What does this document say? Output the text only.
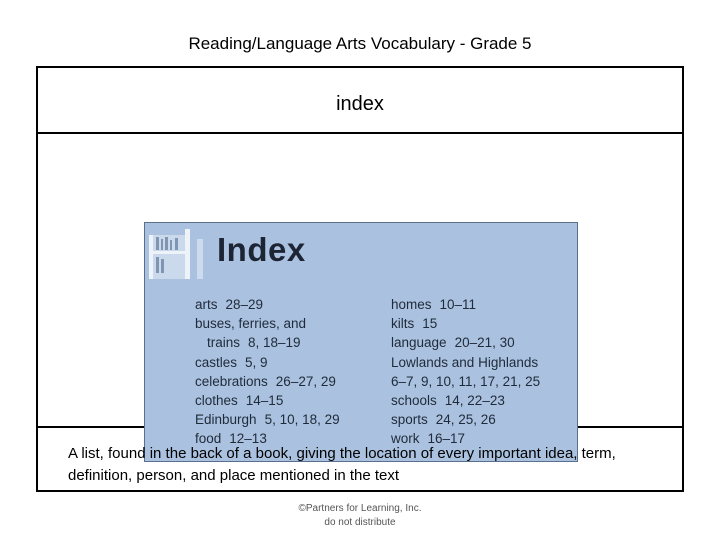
Reading/Language Arts Vocabulary - Grade 5
index
Index
arts 28–29
buses, ferries, and
trains 8, 18–19
castles 5, 9
celebrations 26–27, 29
clothes 14–15
Edinburgh 5, 10, 18, 29
food 12–13
homes 10–11
kilts 15
language 20–21, 30
Lowlands and Highlands
6–7, 9, 10, 11, 17, 21, 25
schools 14, 22–23
sports 24, 25, 26
work 16–17
A list, found in the back of a book, giving the location of every important idea, term, definition, person, and place mentioned in the text
©Partners for Learning, Inc.
do not distribute
